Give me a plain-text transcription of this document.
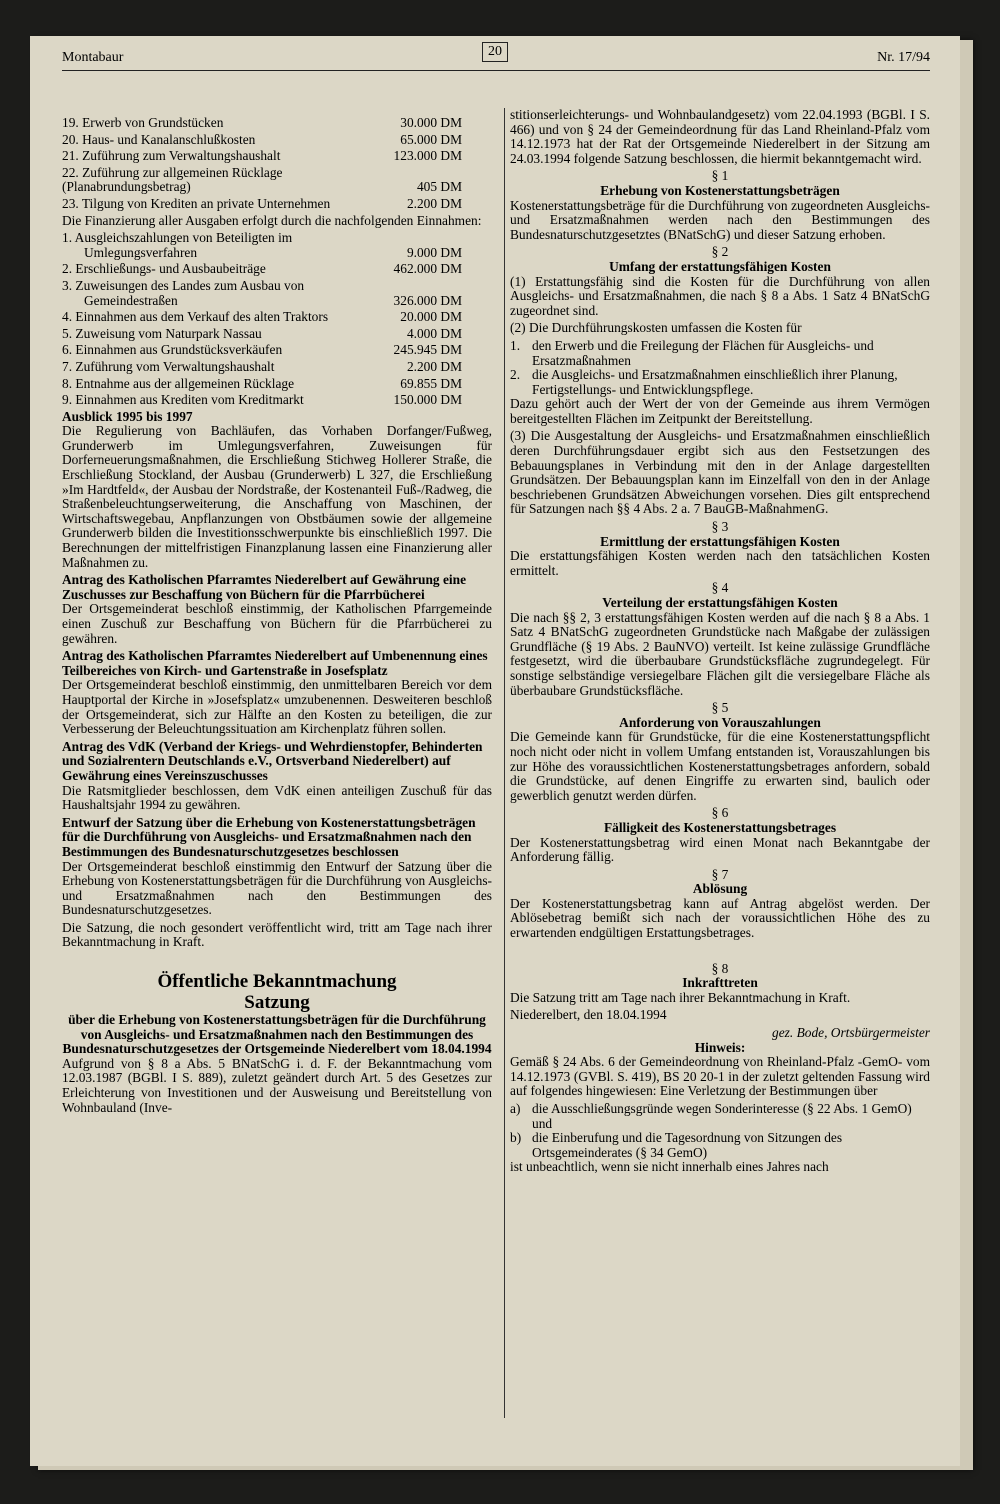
Montabaur	20	Nr. 17/94
19. Erwerb von Grundstücken	30.000 DM
20. Haus- und Kanalanschlußkosten	65.000 DM
21. Zuführung zum Verwaltungshaushalt	123.000 DM
22. Zuführung zur allgemeinen Rücklage (Planabrundungsbetrag)	405 DM
23. Tilgung von Krediten an private Unternehmen	2.200 DM

Die Finanzierung aller Ausgaben erfolgt durch die nachfolgenden Einnahmen:

1. Ausgleichszahlungen von Beteiligten im Umlegungsverfahren	9.000 DM
2. Erschließungs- und Ausbaubeiträge	462.000 DM
3. Zuweisungen des Landes zum Ausbau von Gemeindestraßen	326.000 DM
4. Einnahmen aus dem Verkauf des alten Traktors	20.000 DM
5. Zuweisung vom Naturpark Nassau	4.000 DM
6. Einnahmen aus Grundstücksverkäufen	245.945 DM
7. Zuführung vom Verwaltungshaushalt	2.200 DM
8. Entnahme aus der allgemeinen Rücklage	69.855 DM
9. Einnahmen aus Krediten vom Kreditmarkt	150.000 DM
Ausblick 1995 bis 1997

Die Regulierung von Bachläufen, das Vorhaben Dorfanger/Fußweg, Grunderwerb im Umlegungsverfahren, Zuweisungen für Dorferneuerungsmaßnahmen, die Erschließung Stichweg Hollerer Straße, die Erschließung Stockland, der Ausbau (Grunderwerb) L 327, die Erschließung »Im Hardtfeld«, der Ausbau der Nordstraße, der Kostenanteil Fuß-/Radweg, die Straßenbeleuchtungserweiterung, die Anschaffung von Maschinen, der Wirtschaftswegebau, Anpflanzungen von Obstbäumen sowie der allgemeine Grunderwerb bilden die Investitionsschwerpunkte bis einschließlich 1997. Die Berechnungen der mittelfristigen Finanzplanung lassen eine Finanzierung aller Maßnahmen zu.

Antrag des Katholischen Pfarramtes Niederelbert auf Gewährung eine Zuschusses zur Beschaffung von Büchern für die Pfarrbücherei

Der Ortsgemeinderat beschloß einstimmig, der Katholischen Pfarrgemeinde einen Zuschuß zur Beschaffung von Büchern für die Pfarrbücherei zu gewähren.

Antrag des Katholischen Pfarramtes Niederelbert auf Umbenennung eines Teilbereiches von Kirch- und Gartenstraße in Josefsplatz

Der Ortsgemeinderat beschloß einstimmig, den unmittelbaren Bereich vor dem Hauptportal der Kirche in »Josefsplatz« umzubenennen. Desweiteren beschloß der Ortsgemeinderat, sich zur Hälfte an den Kosten zu beteiligen, die zur Verbesserung der Beleuchtungssituation am Kirchenplatz führen sollen.

Antrag des VdK (Verband der Kriegs- und Wehrdienstopfer, Behinderten und Sozialrentern Deutschlands e.V., Ortsverband Niederelbert) auf Gewährung eines Vereinszuschusses

Die Ratsmitglieder beschlossen, dem VdK einen anteiligen Zuschuß für das Haushaltsjahr 1994 zu gewähren.

Entwurf der Satzung über die Erhebung von Kostenerstattungsbeträgen für die Durchführung von Ausgleichs- und Ersatzmaßnahmen nach den Bestimmungen des Bundesnaturschutzgesetzes beschlossen

Der Ortsgemeinderat beschloß einstimmig den Entwurf der Satzung über die Erhebung von Kostenerstattungsbeträgen für die Durchführung von Ausgleichs- und Ersatzmaßnahmen nach den Bestimmungen des Bundesnaturschutzgesetzes.

Die Satzung, die noch gesondert veröffentlicht wird, tritt am Tage nach ihrer Bekanntmachung in Kraft.

Öffentliche Bekanntmachung
Satzung
über die Erhebung von Kostenerstattungsbeträgen für die Durchführung von Ausgleichs- und Ersatzmaßnahmen nach den Bestimmungen des Bundesnaturschutzgesetzes der Ortsgemeinde Niederelbert vom 18.04.1994

Aufgrund von § 8 a Abs. 5 BNatSchG i. d. F. der Bekanntmachung vom 12.03.1987 (BGBl. I S. 889), zuletzt geändert durch Art. 5 des Gesetzes zur Erleichterung von Investitionen und der Ausweisung und Bereitstellung von Wohnbauland (Inve-

stitionserleichterungs- und Wohnbaulandgesetz) vom 22.04.1993 (BGBl. I S. 466) und von § 24 der Gemeindeordnung für das Land Rheinland-Pfalz vom 14.12.1973 hat der Rat der Ortsgemeinde Niederelbert in der Sitzung am 24.03.1994 folgende Satzung beschlossen, die hiermit bekanntgemacht wird.

§ 1
Erhebung von Kostenerstattungsbeträgen

Kostenerstattungsbeträge für die Durchführung von zugeordneten Ausgleichs- und Ersatzmaßnahmen werden nach den Bestimmungen des Bundesnaturschutzgesetztes (BNatSchG) und dieser Satzung erhoben.

§ 2
Umfang der erstattungsfähigen Kosten

(1) Erstattungsfähig sind die Kosten für die Durchführung von allen Ausgleichs- und Ersatzmaßnahmen, die nach § 8 a Abs. 1 Satz 4 BNatSchG zugeordnet sind.

(2) Die Durchführungskosten umfassen die Kosten für

1. den Erwerb und die Freilegung der Flächen für Ausgleichs- und Ersatzmaßnahmen
2. die Ausgleichs- und Ersatzmaßnahmen einschließlich ihrer Planung, Fertigstellungs- und Entwicklungspflege.

Dazu gehört auch der Wert der von der Gemeinde aus ihrem Vermögen bereitgestellten Flächen im Zeitpunkt der Bereitstellung.

(3) Die Ausgestaltung der Ausgleichs- und Ersatzmaßnahmen einschließlich deren Durchführungsdauer ergibt sich aus den Festsetzungen des Bebauungsplanes in Verbindung mit den in der Anlage dargestellten Grundsätzen. Der Bebauungsplan kann im Einzelfall von den in der Anlage beschriebenen Grundsätzen Abweichungen vorsehen. Dies gilt entsprechend für Satzungen nach §§ 4 Abs. 2 a. 7 BauGB-MaßnahmenG.

§ 3
Ermittlung der erstattungsfähigen Kosten

Die erstattungsfähigen Kosten werden nach den tatsächlichen Kosten ermittelt.

§ 4
Verteilung der erstattungsfähigen Kosten

Die nach §§ 2, 3 erstattungsfähigen Kosten werden auf die nach § 8 a Abs. 1 Satz 4 BNatSchG zugeordneten Grundstücke nach Maßgabe der zulässigen Grundfläche (§ 19 Abs. 2 BauNVO) verteilt. Ist keine zulässige Grundfläche festgesetzt, wird die überbaubare Grundstücksfläche zugrundegelegt. Für sonstige selbständige versiegelbare Flächen gilt die versiegelbare Fläche als überbaubare Grundstücksfläche.

§ 5
Anforderung von Vorauszahlungen

Die Gemeinde kann für Grundstücke, für die eine Kostenerstattungspflicht noch nicht oder nicht in vollem Umfang entstanden ist, Vorauszahlungen bis zur Höhe des voraussichtlichen Kostenerstattungsbetrages anfordern, sobald die Grundstücke, auf denen Eingriffe zu erwarten sind, baulich oder gewerblich genutzt werden dürfen.

§ 6
Fälligkeit des Kostenerstattungsbetrages

Der Kostenerstattungsbetrag wird einen Monat nach Bekanntgabe der Anforderung fällig.

§ 7
Ablösung

Der Kostenerstattungsbetrag kann auf Antrag abgelöst werden. Der Ablösebetrag bemißt sich nach der voraussichtlichen Höhe des zu erwartenden endgültigen Erstattungsbetrages.

§ 8
Inkrafttreten

Die Satzung tritt am Tage nach ihrer Bekanntmachung in Kraft.

Niederelbert, den 18.04.1994

gez. Bode, Ortsbürgermeister
Hinweis:

Gemäß § 24 Abs. 6 der Gemeindeordnung von Rheinland-Pfalz -GemO- vom 14.12.1973 (GVBl. S. 419), BS 20 20-1 in der zuletzt geltenden Fassung wird auf folgendes hingewiesen: Eine Verletzung der Bestimmungen über

a) die Ausschließungsgründe wegen Sonderinteresse (§ 22 Abs. 1 GemO)
und
b) die Einberufung und die Tagesordnung von Sitzungen des Ortsgemeinderates (§ 34 GemO)

ist unbeachtlich, wenn sie nicht innerhalb eines Jahres nach
